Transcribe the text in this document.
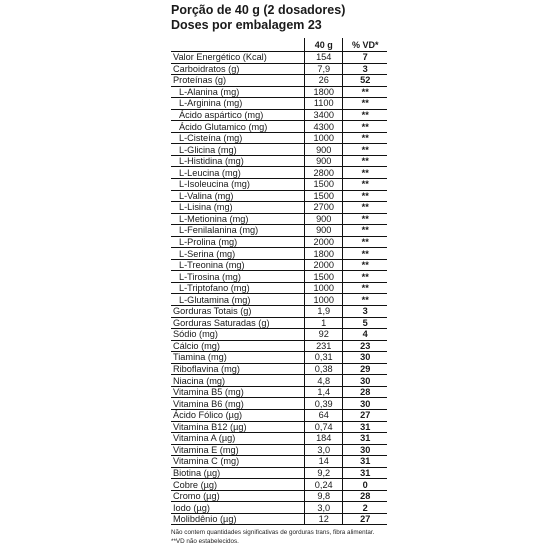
Porção de 40 g (2 dosadores)
Doses por embalagem 23
	40 g	% VD*
Valor Energético (Kcal)	154	7
Carboidratos (g)	7,9	3
Proteínas (g)	26	52
L-Alanina (mg)	1800	**
L-Arginina (mg)	1100	**
Ácido aspártico (mg)	3400	**
Ácido Glutamico (mg)	4300	**
L-Cisteína (mg)	1000	**
L-Glicina (mg)	900	**
L-Histidina (mg)	900	**
L-Leucina (mg)	2800	**
L-Isoleucina (mg)	1500	**
L-Valina (mg)	1500	**
L-Lisina (mg)	2700	**
L-Metionina (mg)	900	**
L-Fenilalanina (mg)	900	**
L-Prolina (mg)	2000	**
L-Serina (mg)	1800	**
L-Treonina (mg)	2000	**
L-Tirosina (mg)	1500	**
L-Triptofano (mg)	1000	**
L-Glutamina (mg)	1000	**
Gorduras Totais (g)	1,9	3
Gorduras Saturadas (g)	1	5
Sódio (mg)	92	4
Cálcio (mg)	231	23
Tiamina (mg)	0,31	30
Riboflavina (mg)	0,38	29
Niacina (mg)	4,8	30
Vitamina B5 (mg)	1,4	28
Vitamina B6 (mg)	0,39	30
Ácido Fólico (µg)	64	27
Vitamina B12 (µg)	0,74	31
Vitamina A (µg)	184	31
Vitamina E (mg)	3,0	30
Vitamina C (mg)	14	31
Biotina (µg)	9,2	31
Cobre (µg)	0,24	0
Cromo (µg)	9,8	28
Iodo (µg)	3,0	2
Molibdênio (µg)	12	27
Não contem quantidades significativas de gorduras trans, fibra alimentar.
**VD não estabelecidos.
